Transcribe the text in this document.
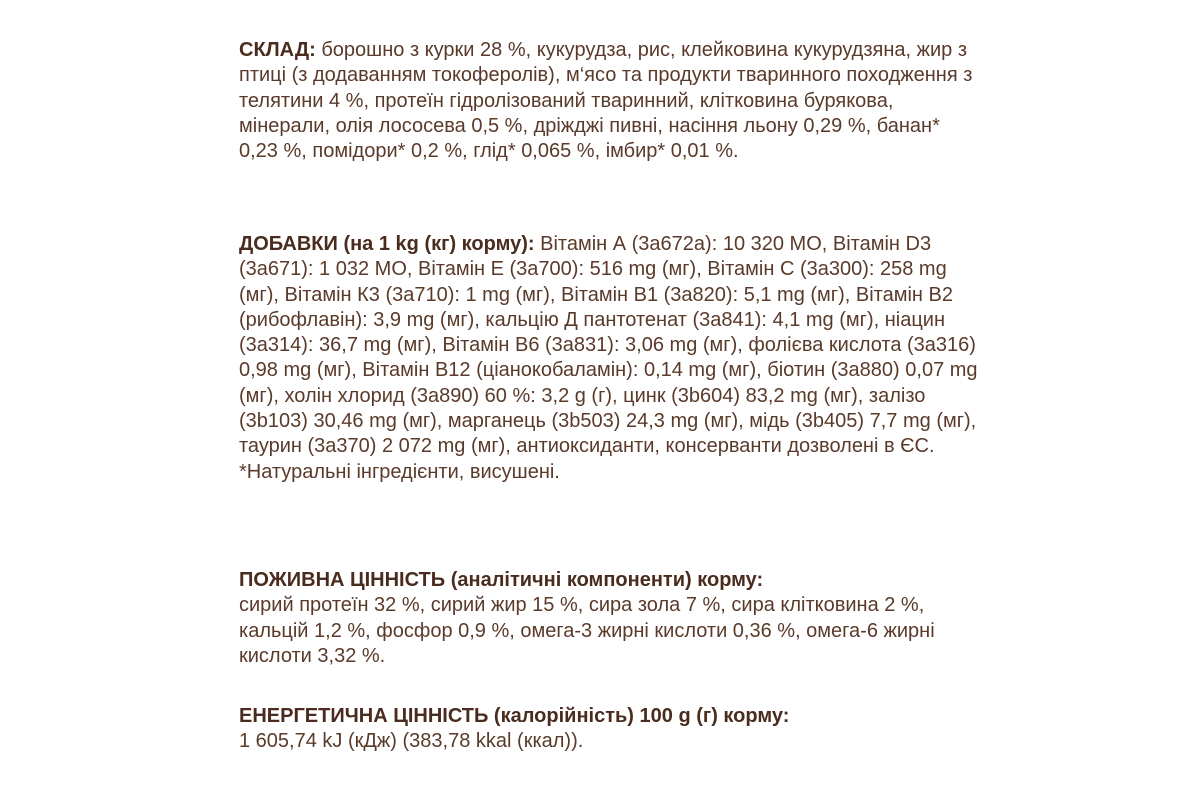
СКЛАД: борошно з курки 28 %, кукурудза, рис, клейковина кукурудзяна, жир з птиці (з додаванням токоферолів), м‘ясо та продукти тваринного походження з телятини 4 %, протеїн гідролізований тваринний, клітковина бурякова, мінерали, олія лососева 0,5 %, дріжджі пивні, насіння льону 0,29 %, банан* 0,23 %, помідори* 0,2 %, глід* 0,065 %, імбир* 0,01 %.

ДОБАВКИ (на 1 kg (кг) корму): Вітамін А (3а672а): 10 320 МО, Вітамін D3 (3а671): 1 032 МО, Вітамін Е (3а700): 516 mg (мг), Вітамін С (3а300): 258 mg (мг), Вітамін К3 (3а710): 1 mg (мг), Вітамін В1 (3а820): 5,1 mg (мг), Вітамін В2 (рибофлавін): 3,9 mg (мг), кальцію Д пантотенат (3а841): 4,1 mg (мг), ніацин (3а314): 36,7 mg (мг), Вітамін В6 (3а831): 3,06 mg (мг), фолієва кислота (3а316) 0,98 mg (мг), Вітамін В12 (ціанокобаламін): 0,14 mg (мг), біотин (3а880) 0,07 mg (мг), холін хлорид (3а890) 60 %: 3,2 g (г), цинк (3b604) 83,2 mg (мг), залізо (3b103) 30,46 mg (мг), марганець (3b503) 24,3 mg (мг), мідь (3b405) 7,7 mg (мг), таурин (3а370) 2 072 mg (мг), антиоксиданти, консерванти дозволені в ЄС. *Натуральні інгредієнти, висушені.

ПОЖИВНА ЦІННІСТЬ (аналітичні компоненти) корму:
сирий протеїн 32 %, сирий жир 15 %, сира зола 7 %, сира клітковина 2 %, кальцій 1,2 %, фосфор 0,9 %, омега-3 жирні кислоти 0,36 %, омега-6 жирні кислоти 3,32 %.

ЕНЕРГЕТИЧНА ЦІННІСТЬ (калорійність) 100 g (г) корму:
1 605,74 kJ (кДж) (383,78 kkal (ккал)).
